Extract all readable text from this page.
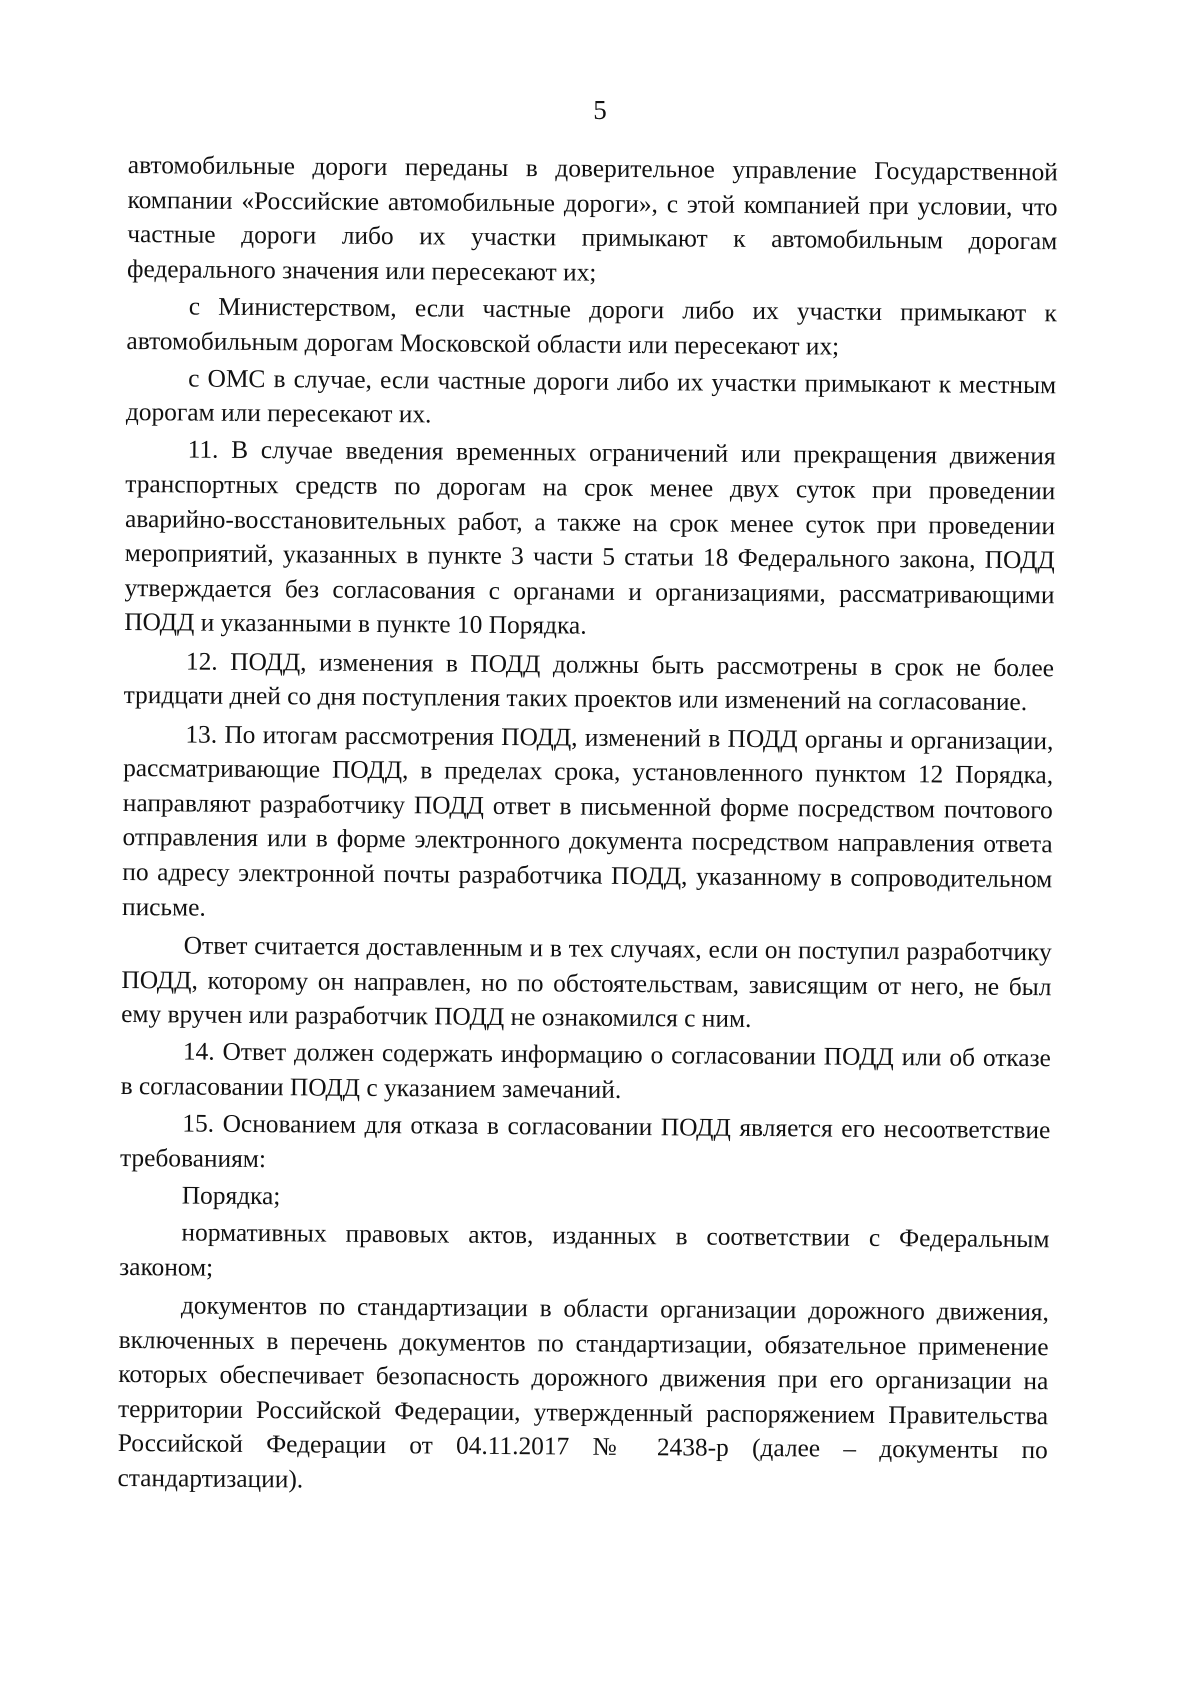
5

автомобильные дороги переданы в доверительное управление Государственной компании «Российские автомобильные дороги», с этой компанией при условии, что частные дороги либо их участки примыкают к автомобильным дорогам федерального значения или пересекают их;

с Министерством, если частные дороги либо их участки примыкают к автомобильным дорогам Московской области или пересекают их;

с ОМС в случае, если частные дороги либо их участки примыкают к местным дорогам или пересекают их.

11. В случае введения временных ограничений или прекращения движения транспортных средств по дорогам на срок менее двух суток при проведении аварийно-восстановительных работ, а также на срок менее суток при проведении мероприятий, указанных в пункте 3 части 5 статьи 18 Федерального закона, ПОДД утверждается без согласования с органами и организациями, рассматривающими ПОДД и указанными в пункте 10 Порядка.

12. ПОДД, изменения в ПОДД должны быть рассмотрены в срок не более тридцати дней со дня поступления таких проектов или изменений на согласование.

13. По итогам рассмотрения ПОДД, изменений в ПОДД органы и организации, рассматривающие ПОДД, в пределах срока, установленного пунктом 12 Порядка, направляют разработчику ПОДД ответ в письменной форме посредством почтового отправления или в форме электронного документа посредством направления ответа по адресу электронной почты разработчика ПОДД, указанному в сопроводительном письме.

Ответ считается доставленным и в тех случаях, если он поступил разработчику ПОДД, которому он направлен, но по обстоятельствам, зависящим от него, не был ему вручен или разработчик ПОДД не ознакомился с ним.

14. Ответ должен содержать информацию о согласовании ПОДД или об отказе в согласовании ПОДД с указанием замечаний.

15. Основанием для отказа в согласовании ПОДД является его несоответствие требованиям:

Порядка;

нормативных правовых актов, изданных в соответствии с Федеральным законом;

документов по стандартизации в области организации дорожного движения, включенных в перечень документов по стандартизации, обязательное применение которых обеспечивает безопасность дорожного движения при его организации на территории Российской Федерации, утвержденный распоряжением Правительства Российской Федерации от 04.11.2017 № 2438-р (далее – документы по стандартизации).
